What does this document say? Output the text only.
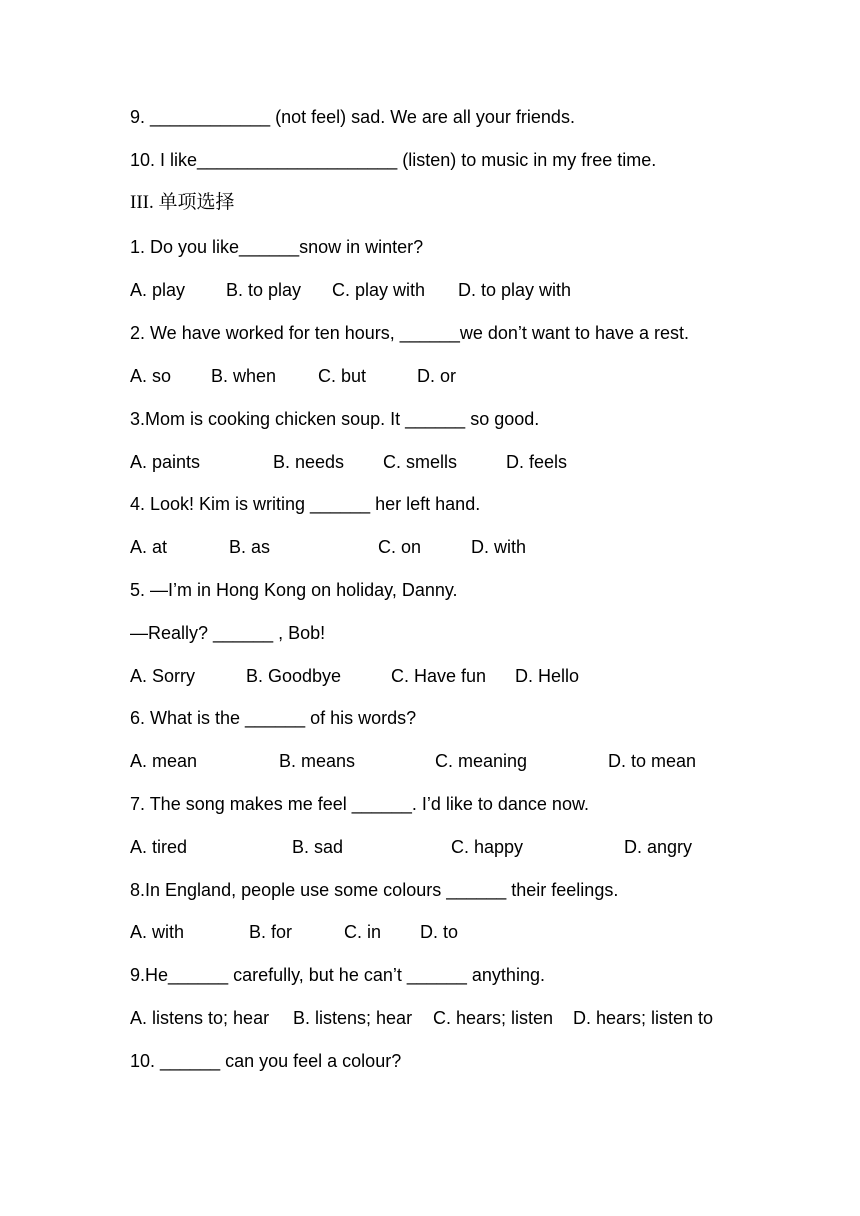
9. ____________ (not feel) sad. We are all your friends.
10. I like____________________ (listen) to music in my free time.
III. 单项选择
1. Do you like______snow in winter?
A. play B. to play C. play with D. to play with
2. We have worked for ten hours, ______we don’t want to have a rest.
A. so B. when C. but	D. or
3.Mom is cooking chicken soup. It ______ so good.
A. paints	B. needs C. smells	D. feels
4. Look! Kim is writing ______ her left hand.
A. at	B. as	C. on	D. with
5. —I’m in Hong Kong on holiday, Danny.
—Really? ______ , Bob!
A. Sorry	B. Goodbye	C. Have fun D. Hello
6. What is the ______ of his words?
A. mean	B. means	C. meaning	D. to mean
7. The song makes me feel ______. I’d like to dance now.
A. tired	B. sad	C. happy	D. angry
8.In England, people use some colours ______ their feelings.
A. with	B. for	C. in D. to
9.He______ carefully, but he can’t ______ anything.
A. listens to; hear B. listens; hear C. hears; listen D. hears; listen to
10. ______ can you feel a colour?
